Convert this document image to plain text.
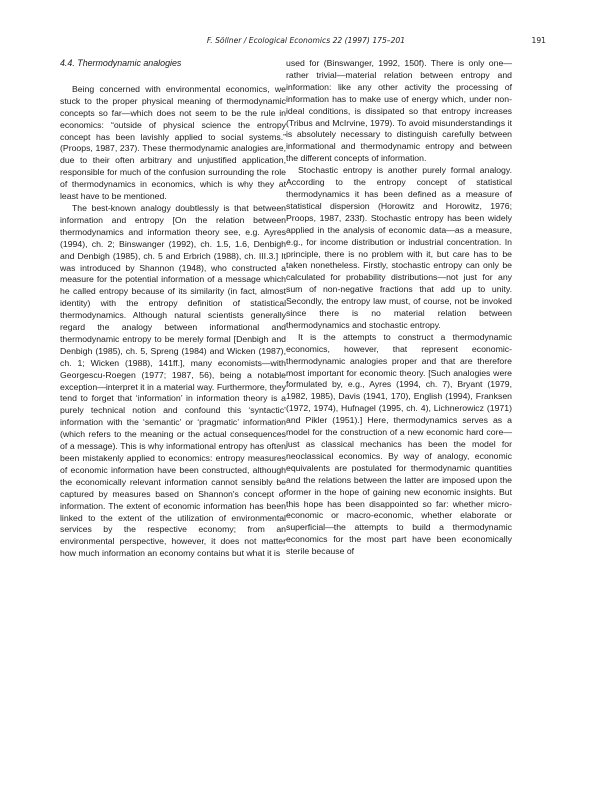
F. Söllner / Ecological Economics 22 (1997) 175–201	191
4.4. Thermodynamic analogies

Being concerned with environmental economics, we stuck to the proper physical meaning of thermodynamic concepts so far—which does not seem to be the rule in economics: “outside of physical science the entropy concept has been lavishly applied to social systems.” (Proops, 1987, 237). These thermodynamic analogies are, due to their often arbitrary and unjustified application, responsible for much of the confusion surrounding the role of thermodynamics in economics, which is why they at least have to be mentioned.

The best-known analogy doubtlessly is that between information and entropy [On the relation between thermodynamics and information theory see, e.g. Ayres (1994), ch. 2; Binswanger (1992), ch. 1.5, 1.6, Denbigh and Denbigh (1985), ch. 5 and Erbrich (1988), ch. III.3.] It was introduced by Shannon (1948), who constructed a measure for the potential information of a message which he called entropy because of its similarity (in fact, almost identity) with the entropy definition of statistical thermodynamics. Although natural scientists generally regard the analogy between informational and thermodynamic entropy to be merely formal [Denbigh and Denbigh (1985), ch. 5, Spreng (1984) and Wicken (1987), ch. 1; Wicken (1988), 141ff.], many economists—with Georgescu-Roegen (1977; 1987, 56), being a notable exception—interpret it in a material way. Furthermore, they tend to forget that ‘information’ in information theory is a purely technical notion and confound this ‘syntactic’ information with the ‘semantic’ or ‘pragmatic’ information (which refers to the meaning or the actual consequences of a message). This is why informational entropy has often been mistakenly applied to economics: entropy measures of economic information have been constructed, although the economically relevant information cannot sensibly be captured by measures based on Shannon's concept of information. The extent of economic information has been linked to the extent of the utilization of environmental services by the respective economy; from an environmental perspective, however, it does not matter how much information an economy contains but what it is

used for (Binswanger, 1992, 150f). There is only one—rather trivial—material relation between entropy and information: like any other activity the processing of information has to make use of energy which, under non-ideal conditions, is dissipated so that entropy increases (Tribus and McIrvine, 1979). To avoid misunderstandings it is absolutely necessary to distinguish carefully between informational and thermodynamic entropy and between the different concepts of information.

Stochastic entropy is another purely formal analogy. According to the entropy concept of statistical thermodynamics it has been defined as a measure of statistical dispersion (Horowitz and Horowitz, 1976; Proops, 1987, 233f). Stochastic entropy has been widely applied in the analysis of economic data—as a measure, e.g., for income distribution or industrial concentration. In principle, there is no problem with it, but care has to be taken nonetheless. Firstly, stochastic entropy can only be calculated for probability distributions—not just for any sum of non-negative fractions that add up to unity. Secondly, the entropy law must, of course, not be invoked since there is no material relation between thermodynamics and stochastic entropy.

It is the attempts to construct a thermodynamic economics, however, that represent economic-thermodynamic analogies proper and that are therefore most important for economic theory. [Such analogies were formulated by, e.g., Ayres (1994, ch. 7), Bryant (1979, 1982, 1985), Davis (1941, 170), English (1994), Franksen (1972, 1974), Hufnagel (1995, ch. 4), Lichnerowicz (1971) and Pikler (1951).] Here, thermodynamics serves as a model for the construction of a new economic hard core—just as classical mechanics has been the model for neoclassical economics. By way of analogy, economic equivalents are postulated for thermodynamic quantities and the relations between the latter are imposed upon the former in the hope of gaining new economic insights. But this hope has been disappointed so far: whether micro-economic or macro-economic, whether elaborate or superficial—the attempts to build a thermodynamic economics for the most part have been economically sterile because of
